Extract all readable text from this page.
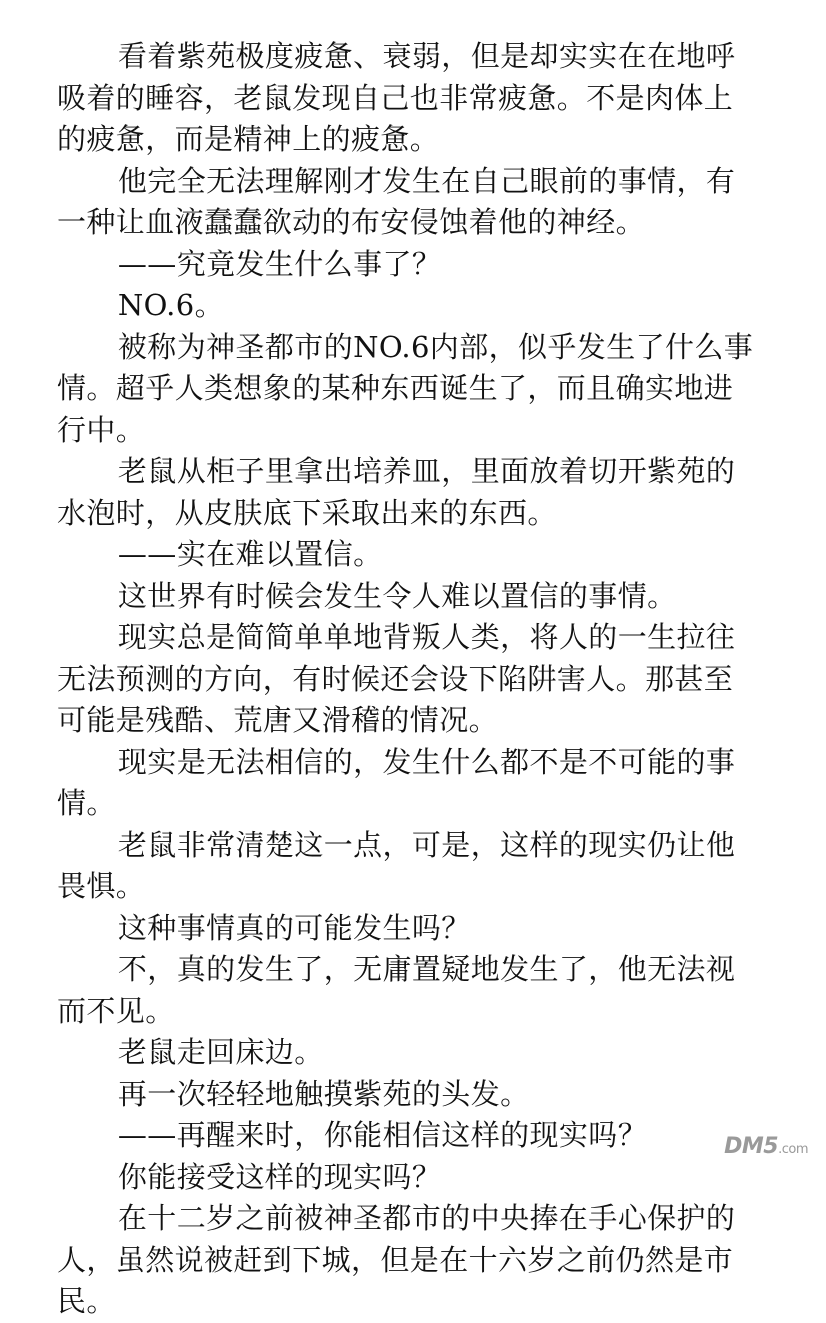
看着紫苑极度疲惫、衰弱，但是却实实在在地呼吸着的睡容，老鼠发现自己也非常疲惫。不是肉体上的疲惫，而是精神上的疲惫。

他完全无法理解刚才发生在自己眼前的事情，有一种让血液蠢蠢欲动的布安侵蚀着他的神经。

——究竟发生什么事了？

NO.6。

被称为神圣都市的NO.6内部，似乎发生了什么事情。超乎人类想象的某种东西诞生了，而且确实地进行中。

老鼠从柜子里拿出培养皿，里面放着切开紫苑的水泡时，从皮肤底下采取出来的东西。

——实在难以置信。

这世界有时候会发生令人难以置信的事情。

现实总是简简单单地背叛人类，将人的一生拉往无法预测的方向，有时候还会设下陷阱害人。那甚至可能是残酷、荒唐又滑稽的情况。

现实是无法相信的，发生什么都不是不可能的事情。

老鼠非常清楚这一点，可是，这样的现实仍让他畏惧。

这种事情真的可能发生吗？

不，真的发生了，无庸置疑地发生了，他无法视而不见。

老鼠走回床边。

再一次轻轻地触摸紫苑的头发。

——再醒来时，你能相信这样的现实吗？

你能接受这样的现实吗？

在十二岁之前被神圣都市的中央捧在手心保护的人，虽然说被赶到下城，但是在十六岁之前仍然是市民。

DM5.com
